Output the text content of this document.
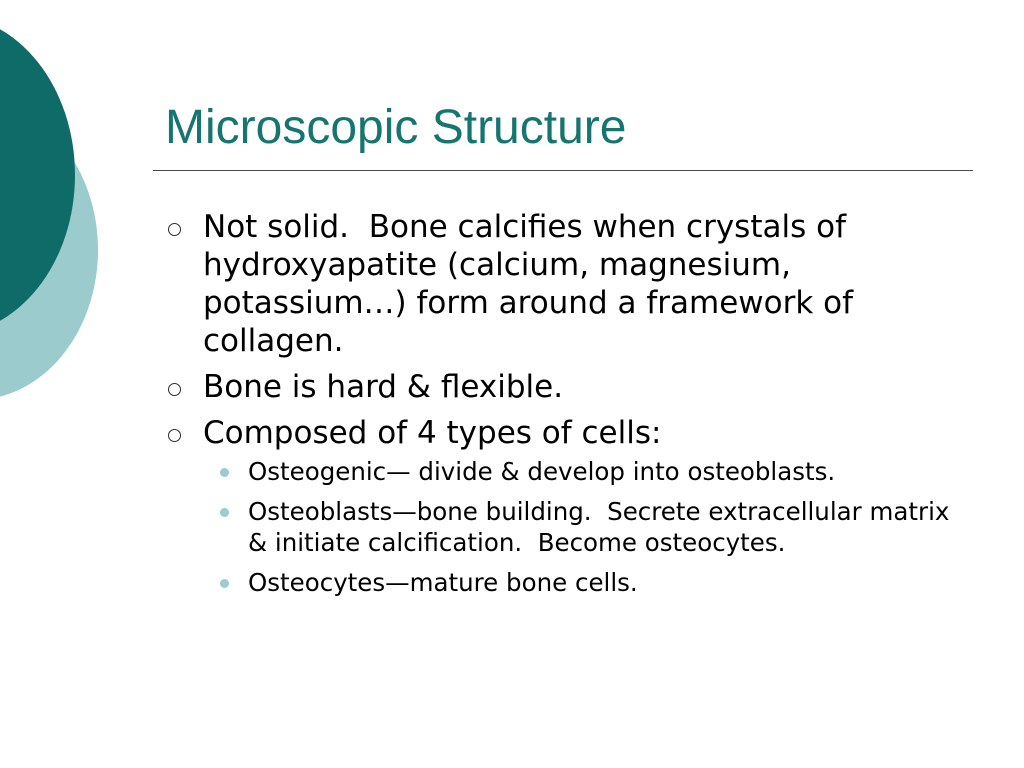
Microscopic Structure
Not solid.  Bone calcifies when crystals of hydroxyapatite (calcium, magnesium, potassium…) form around a framework of collagen.
Bone is hard & flexible.
Composed of 4 types of cells:
Osteogenic— divide & develop into osteoblasts.
Osteoblasts—bone building.  Secrete extracellular matrix & initiate calcification.  Become osteocytes.
Osteocytes—mature bone cells.
